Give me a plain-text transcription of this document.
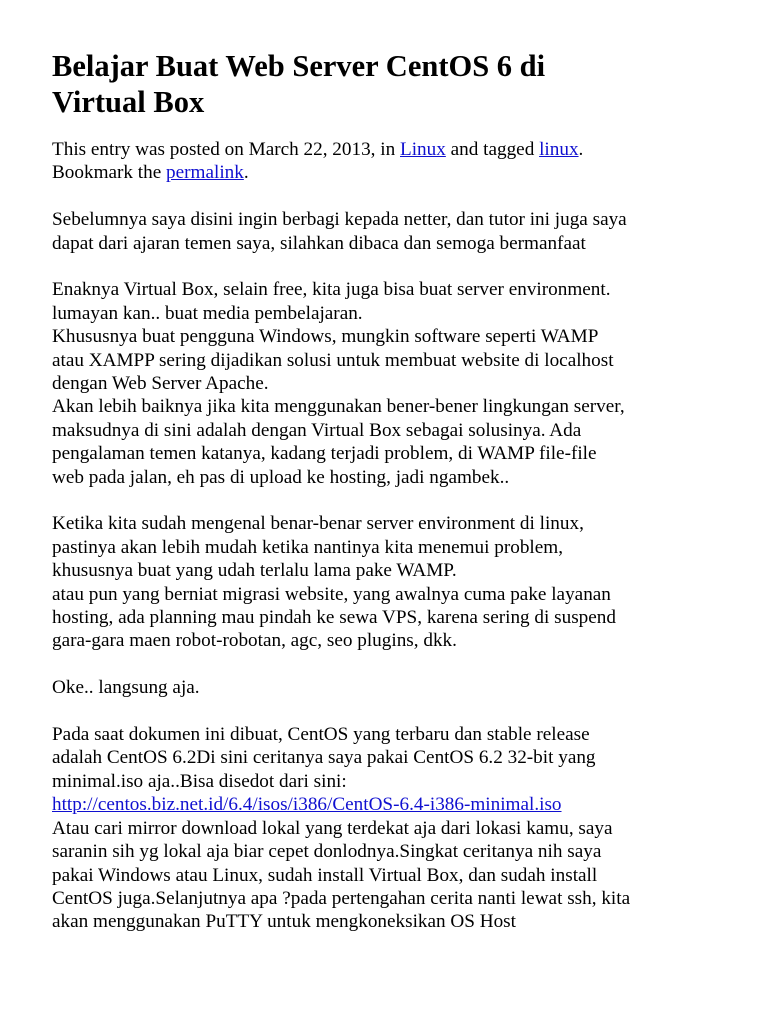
Belajar Buat Web Server CentOS 6 di
Virtual Box
This entry was posted on March 22, 2013, in Linux and tagged linux.
Bookmark the permalink.
Sebelumnya saya disini ingin berbagi kepada netter, dan tutor ini juga saya
dapat dari ajaran temen saya, silahkan dibaca dan semoga bermanfaat
Enaknya Virtual Box, selain free, kita juga bisa buat server environment.
lumayan kan.. buat media pembelajaran.
Khususnya buat pengguna Windows, mungkin software seperti WAMP
atau XAMPP sering dijadikan solusi untuk membuat website di localhost
dengan Web Server Apache.
Akan lebih baiknya jika kita menggunakan bener-bener lingkungan server,
maksudnya di sini adalah dengan Virtual Box sebagai solusinya. Ada
pengalaman temen katanya, kadang terjadi problem, di WAMP file-file
web pada jalan, eh pas di upload ke hosting, jadi ngambek..
Ketika kita sudah mengenal benar-benar server environment di linux,
pastinya akan lebih mudah ketika nantinya kita menemui problem,
khususnya buat yang udah terlalu lama pake WAMP.
atau pun yang berniat migrasi website, yang awalnya cuma pake layanan
hosting, ada planning mau pindah ke sewa VPS, karena sering di suspend
gara-gara maen robot-robotan, agc, seo plugins, dkk.
Oke.. langsung aja.
Pada saat dokumen ini dibuat, CentOS yang terbaru dan stable release
adalah CentOS 6.2Di sini ceritanya saya pakai CentOS 6.2 32-bit yang
minimal.iso aja..Bisa disedot dari sini:
http://centos.biz.net.id/6.4/isos/i386/CentOS-6.4-i386-minimal.iso
Atau cari mirror download lokal yang terdekat aja dari lokasi kamu, saya
saranin sih yg lokal aja biar cepet donlodnya.Singkat ceritanya nih saya
pakai Windows atau Linux, sudah install Virtual Box, dan sudah install
CentOS juga.Selanjutnya apa ?pada pertengahan cerita nanti lewat ssh, kita
akan menggunakan PuTTY untuk mengkoneksikan OS Host
